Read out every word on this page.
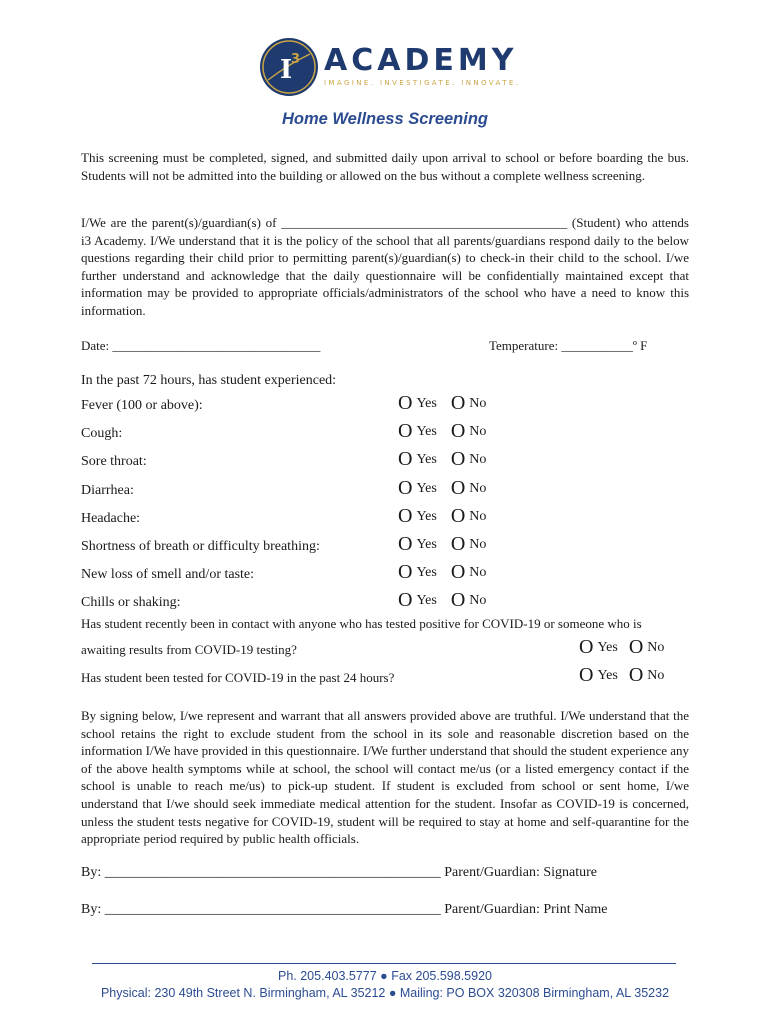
I
3 ACADEMY
IMAGINE. INVESTIGATE. INNOVATE.
Home Wellness Screening
This screening must be completed, signed, and submitted daily upon arrival to school or before boarding the bus. Students will not be admitted into the building or allowed on the bus without a complete wellness screening.
I/We are the parent(s)/guardian(s) of ____________________________________________ (Student) who attends i3 Academy. I/We understand that it is the policy of the school that all parents/guardians respond daily to the below questions regarding their child prior to permitting parent(s)/guardian(s) to check-in their child to the school. I/we further understand and acknowledge that the daily questionnaire will be confidentially maintained except that information may be provided to appropriate officials/administrators of the school who have a need to know this information.
Date: ________________________________	Temperature: ___________º F
In the past 72 hours, has student experienced:
Fever (100 or above):	O Yes O No
Cough:	O Yes O No
Sore throat:	O Yes O No
Diarrhea:	O Yes O No
Headache:	O Yes O No
Shortness of breath or difficulty breathing:	O Yes O No
New loss of smell and/or taste:	O Yes O No
Chills or shaking:	O Yes O No
Has student recently been in contact with anyone who has tested positive for COVID-19 or someone who is
awaiting results from COVID-19 testing?	O Yes O No
Has student been tested for COVID-19 in the past 24 hours?	O Yes O No
By signing below, I/we represent and warrant that all answers provided above are truthful. I/We understand that the school retains the right to exclude student from the school in its sole and reasonable discretion based on the information I/We have provided in this questionnaire. I/We further understand that should the student experience any of the above health symptoms while at school, the school will contact me/us (or a listed emergency contact if the school is unable to reach me/us) to pick-up student. If student is excluded from school or sent home, I/we understand that I/we should seek immediate medical attention for the student. Insofar as COVID-19 is concerned, unless the student tests negative for COVID-19, student will be required to stay at home and self-quarantine for the appropriate period required by public health officials.
By: ________________________________________________ Parent/Guardian: Signature
By: ________________________________________________ Parent/Guardian: Print Name
Ph. 205.403.5777 ● Fax 205.598.5920
Physical: 230 49th Street N. Birmingham, AL 35212 ● Mailing: PO BOX 320308 Birmingham, AL 35232
